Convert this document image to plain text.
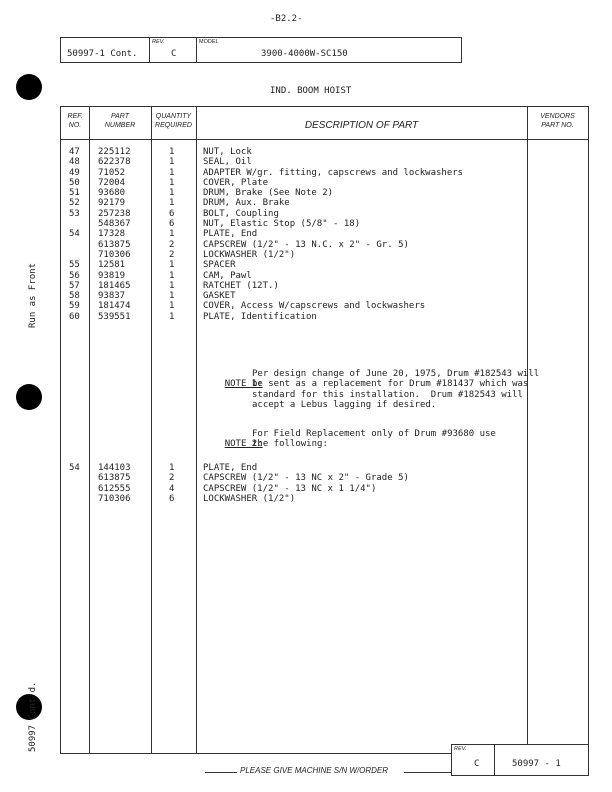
Run as Front
50997 Cont'd.
-B2.2-
50997-1 Cont.
REV.
C
MODEL
3900-4000W-SC150
IND. BOOM HOIST
REF.
NO.
PART
NUMBER
QUANTITY
REQUIRED	DESCRIPTION OF PART
VENDORS
PART NO.
47 225112	1	NUT, Lock
48 622378	1	SEAL, Oil
49 71052	1	ADAPTER W/gr. fitting, capscrews and lockwashers
50 72004	1	COVER, Plate
51 93680	1	DRUM, Brake (See Note 2)
52 92179	1	DRUM, Aux. Brake
53 257238	6	BOLT, Coupling
548367	6	NUT, Elastic Stop (5/8" - 18)
54 17328	1	PLATE, End
613875	2	CAPSCREW (1/2" - 13 N.C. x 2" - Gr. 5)
710306	2	LOCKWASHER (1/2")
55 12581	1	SPACER
56 93819	1	CAM, Pawl
57 181465	1	RATCHET (12T.)
58 93837	1	GASKET
59 181474	1	COVER, Access W/capscrews and lockwashers
60 539551	1	PLATE, Identification

NOTE 1:

Per design change of June 20, 1975, Drum #182543 will
be sent as a replacement for Drum #181437 which was
standard for this installation.  Drum #182543 will
accept a Lebus lagging if desired.

NOTE 2:

For Field Replacement only of Drum #93680 use
the following:
54 144103	1	PLATE, End
613875	2	CAPSCREW (1/2" - 13 NC x 2" - Grade 5)
612555	4	CAPSCREW (1/2" - 13 NC x 1 1/4")
710306	6	LOCKWASHER (1/2")
REV.
C	50997 - 1
PLEASE GIVE MACHINE S/N W/ORDER
